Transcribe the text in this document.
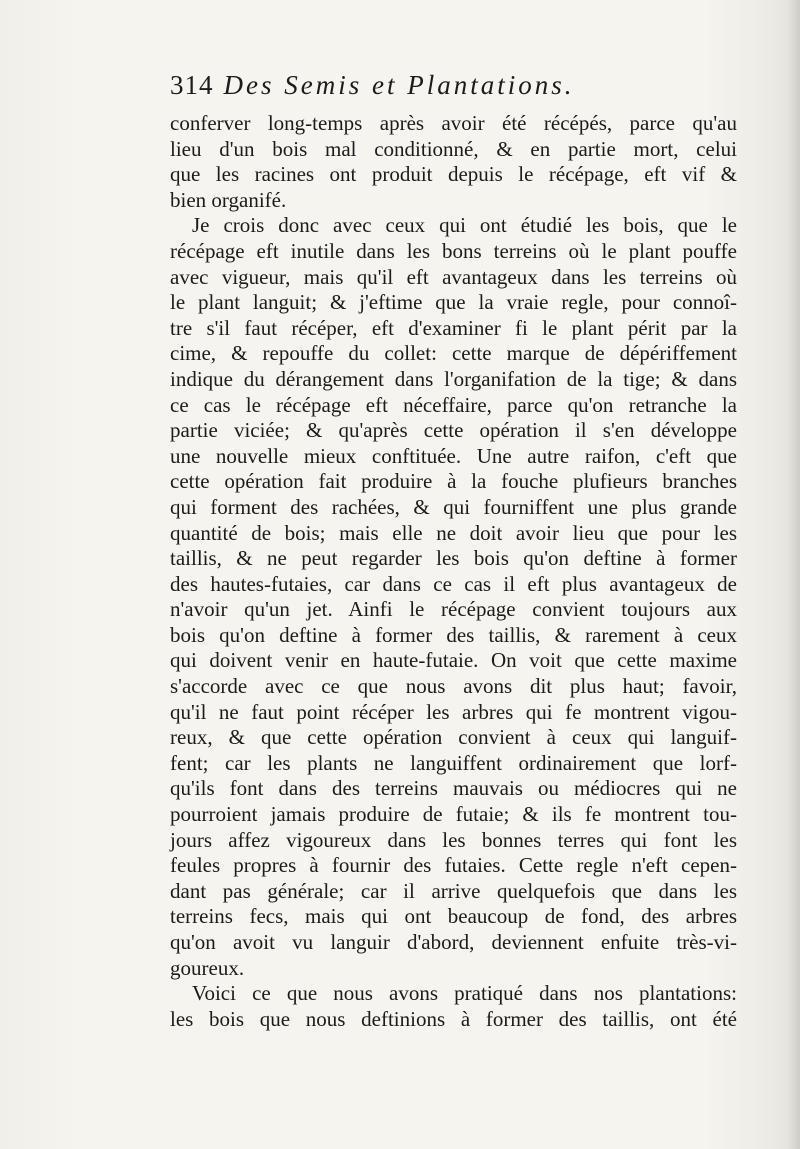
314 Des Semis et Plantations.
conferver long-temps après avoir été récépés, parce qu'au
lieu d'un bois mal conditionné, & en partie mort, celui
que les racines ont produit depuis le récépage, eft vif &
bien organifé.
Je crois donc avec ceux qui ont étudié les bois, que le
récépage eft inutile dans les bons terreins où le plant pouffe
avec vigueur, mais qu'il eft avantageux dans les terreins où
le plant languit; & j'eftime que la vraie regle, pour connoî-
tre s'il faut récéper, eft d'examiner fi le plant périt par la
cime, & repouffe du collet: cette marque de dépériffement
indique du dérangement dans l'organifation de la tige; & dans
ce cas le récépage eft néceffaire, parce qu'on retranche la
partie viciée; & qu'après cette opération il s'en développe
une nouvelle mieux conftituée. Une autre raifon, c'eft que
cette opération fait produire à la fouche plufieurs branches
qui forment des rachées, & qui fourniffent une plus grande
quantité de bois; mais elle ne doit avoir lieu que pour les
taillis, & ne peut regarder les bois qu'on deftine à former
des hautes-futaies, car dans ce cas il eft plus avantageux de
n'avoir qu'un jet. Ainfi le récépage convient toujours aux
bois qu'on deftine à former des taillis, & rarement à ceux
qui doivent venir en haute-futaie. On voit que cette maxime
s'accorde avec ce que nous avons dit plus haut; favoir,
qu'il ne faut point récéper les arbres qui fe montrent vigou-
reux, & que cette opération convient à ceux qui languif-
fent; car les plants ne languiffent ordinairement que lorf-
qu'ils font dans des terreins mauvais ou médiocres qui ne
pourroient jamais produire de futaie; & ils fe montrent tou-
jours affez vigoureux dans les bonnes terres qui font les
feules propres à fournir des futaies. Cette regle n'eft cepen-
dant pas générale; car il arrive quelquefois que dans les
terreins fecs, mais qui ont beaucoup de fond, des arbres
qu'on avoit vu languir d'abord, deviennent enfuite très-vi-
goureux.
Voici ce que nous avons pratiqué dans nos plantations:
les bois que nous deftinions à former des taillis, ont été
